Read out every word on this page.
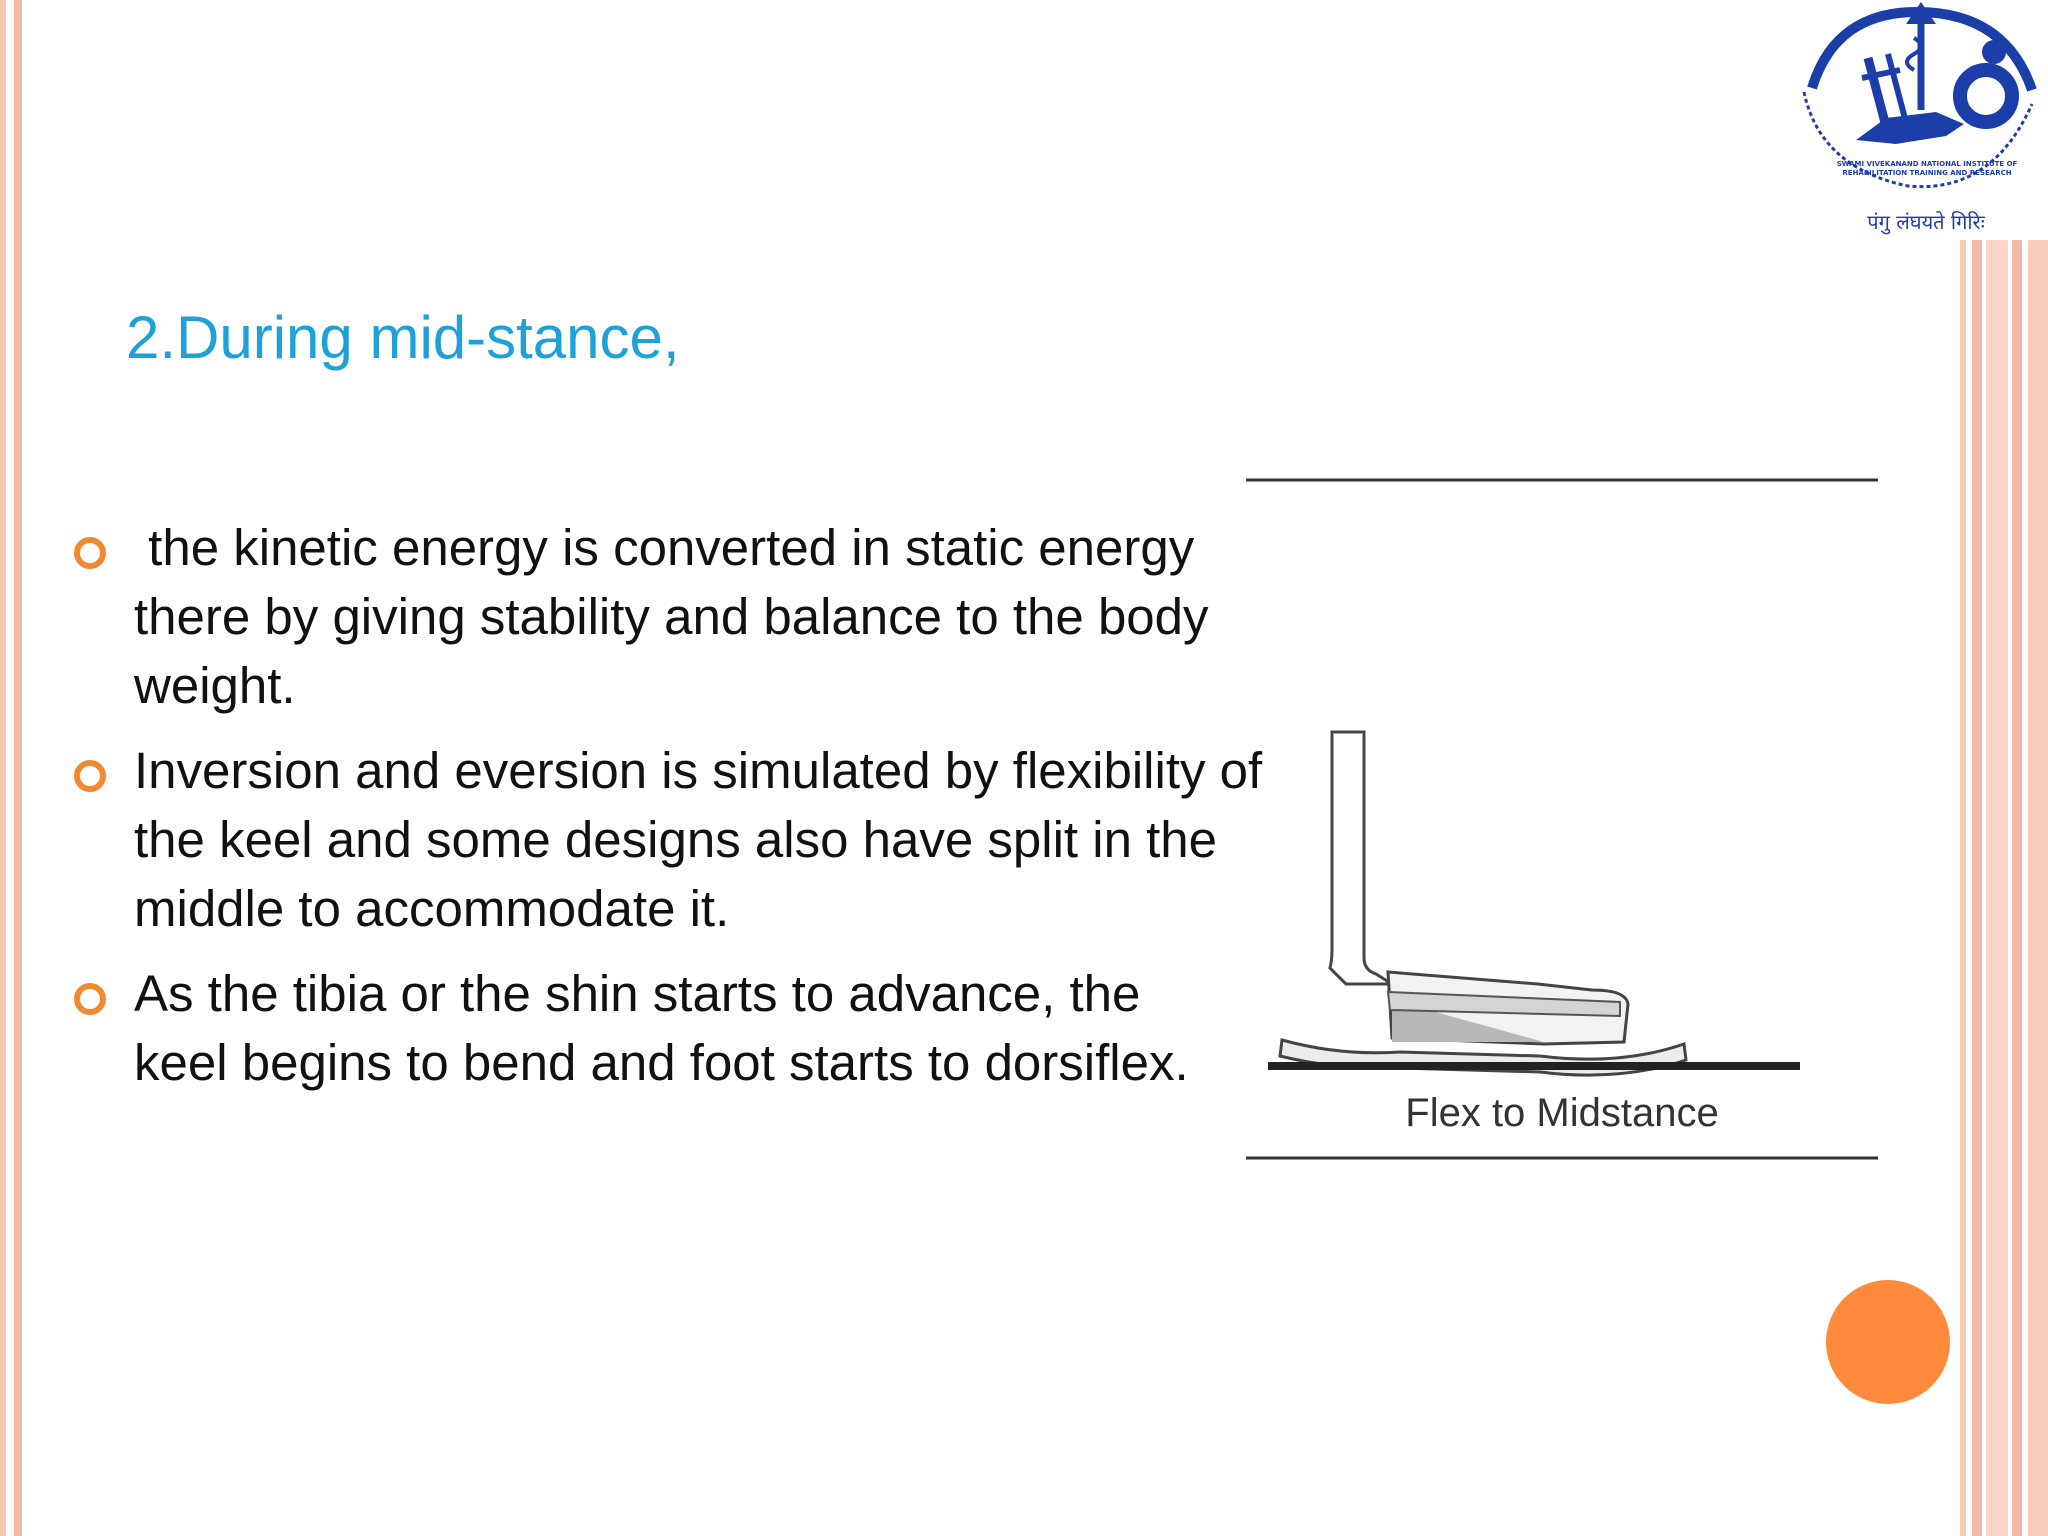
SWAMI VIVEKANAND NATIONAL INSTITUTE OF REHABILITATION TRAINING AND RESEARCH
पंगु लंघयते गिरिः
2.During mid-stance,
the kinetic energy is converted in static energy there by giving stability and balance to the body weight.
Inversion and eversion is simulated by flexibility of the keel and some designs also have split in the middle to accommodate it.
As the tibia or the shin starts to advance, the keel begins to bend and foot starts to dorsiflex.
Flex to Midstance
